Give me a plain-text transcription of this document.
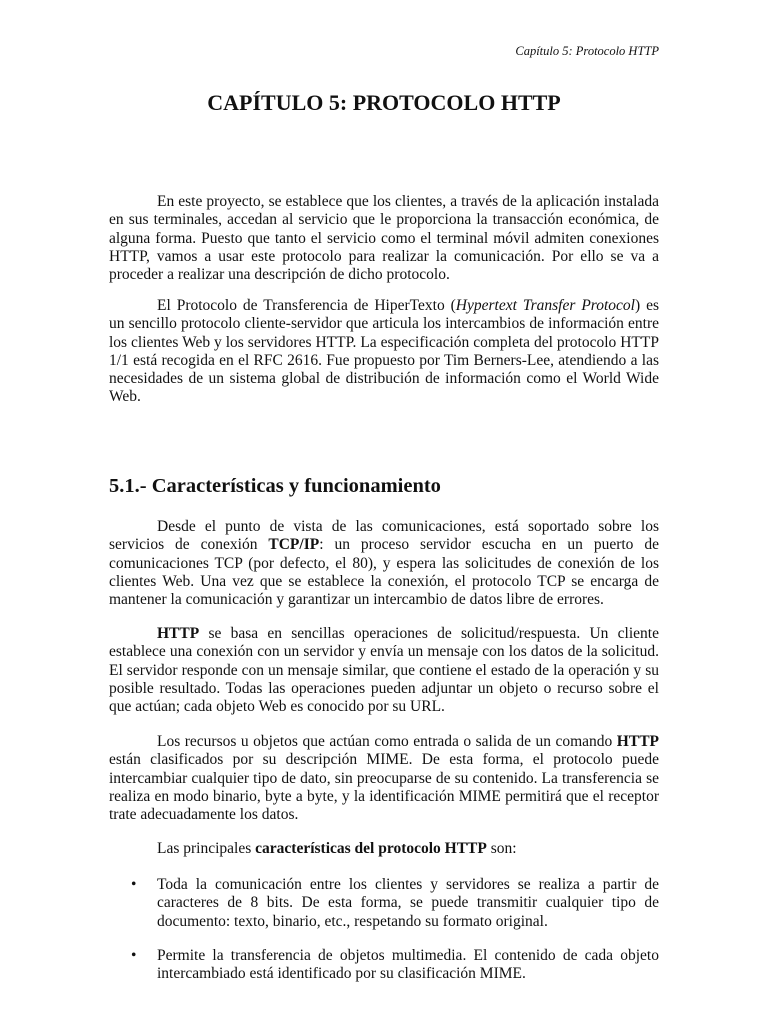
Capítulo 5: Protocolo HTTP
CAPÍTULO 5: PROTOCOLO HTTP

En este proyecto, se establece que los clientes, a través de la aplicación instalada en sus terminales, accedan al servicio que le proporciona la transacción económica, de alguna forma. Puesto que tanto el servicio como el terminal móvil admiten conexiones HTTP, vamos a usar este protocolo para realizar la comunicación. Por ello se va a proceder a realizar una descripción de dicho protocolo.

El Protocolo de Transferencia de HiperTexto (Hypertext Transfer Protocol) es un sencillo protocolo cliente-servidor que articula los intercambios de información entre los clientes Web y los servidores HTTP. La especificación completa del protocolo HTTP 1/1 está recogida en el RFC 2616. Fue propuesto por Tim Berners-Lee, atendiendo a las necesidades de un sistema global de distribución de información como el World Wide Web.

5.1.- Características y funcionamiento

Desde el punto de vista de las comunicaciones, está soportado sobre los servicios de conexión TCP/IP: un proceso servidor escucha en un puerto de comunicaciones TCP (por defecto, el 80), y espera las solicitudes de conexión de los clientes Web. Una vez que se establece la conexión, el protocolo TCP se encarga de mantener la comunicación y garantizar un intercambio de datos libre de errores.

HTTP se basa en sencillas operaciones de solicitud/respuesta. Un cliente establece una conexión con un servidor y envía un mensaje con los datos de la solicitud. El servidor responde con un mensaje similar, que contiene el estado de la operación y su posible resultado. Todas las operaciones pueden adjuntar un objeto o recurso sobre el que actúan; cada objeto Web es conocido por su URL.

Los recursos u objetos que actúan como entrada o salida de un comando HTTP están clasificados por su descripción MIME. De esta forma, el protocolo puede intercambiar cualquier tipo de dato, sin preocuparse de su contenido. La transferencia se realiza en modo binario, byte a byte, y la identificación MIME permitirá que el receptor trate adecuadamente los datos.

Las principales características del protocolo HTTP son:

• Toda la comunicación entre los clientes y servidores se realiza a partir de caracteres de 8 bits. De esta forma, se puede transmitir cualquier tipo de documento: texto, binario, etc., respetando su formato original.

• Permite la transferencia de objetos multimedia. El contenido de cada objeto intercambiado está identificado por su clasificación MIME.
